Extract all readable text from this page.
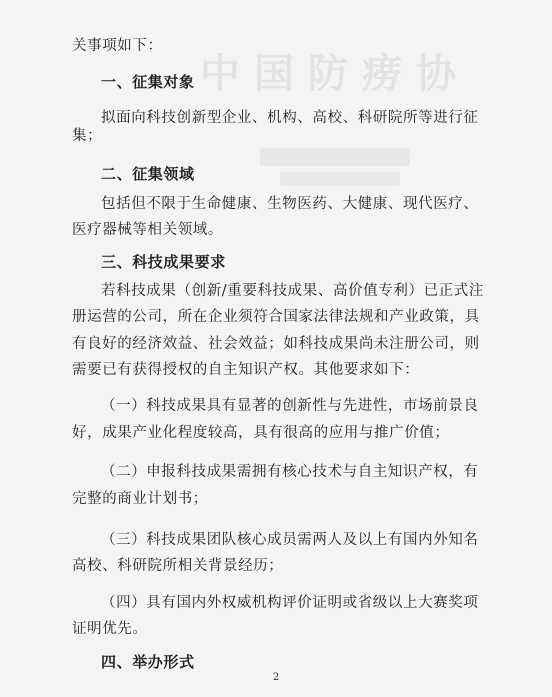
中国防痨协
关事项如下：
一、征集对象
拟面向科技创新型企业、机构、高校、科研院所等进行征
集；
二、征集领域
包括但不限于生命健康、生物医药、大健康、现代医疗、
医疗器械等相关领域。
三、科技成果要求
若科技成果（创新/重要科技成果、高价值专利）已正式注
册运营的公司，所在企业须符合国家法律法规和产业政策，具
有良好的经济效益、社会效益；如科技成果尚未注册公司，则
需要已有获得授权的自主知识产权。其他要求如下：
（一）科技成果具有显著的创新性与先进性，市场前景良
好，成果产业化程度较高，具有很高的应用与推广价值；
（二）申报科技成果需拥有核心技术与自主知识产权，有
完整的商业计划书；
（三）科技成果团队核心成员需两人及以上有国内外知名
高校、科研院所相关背景经历；
（四）具有国内外权威机构评价证明或省级以上大赛奖项
证明优先。
四、举办形式
2
